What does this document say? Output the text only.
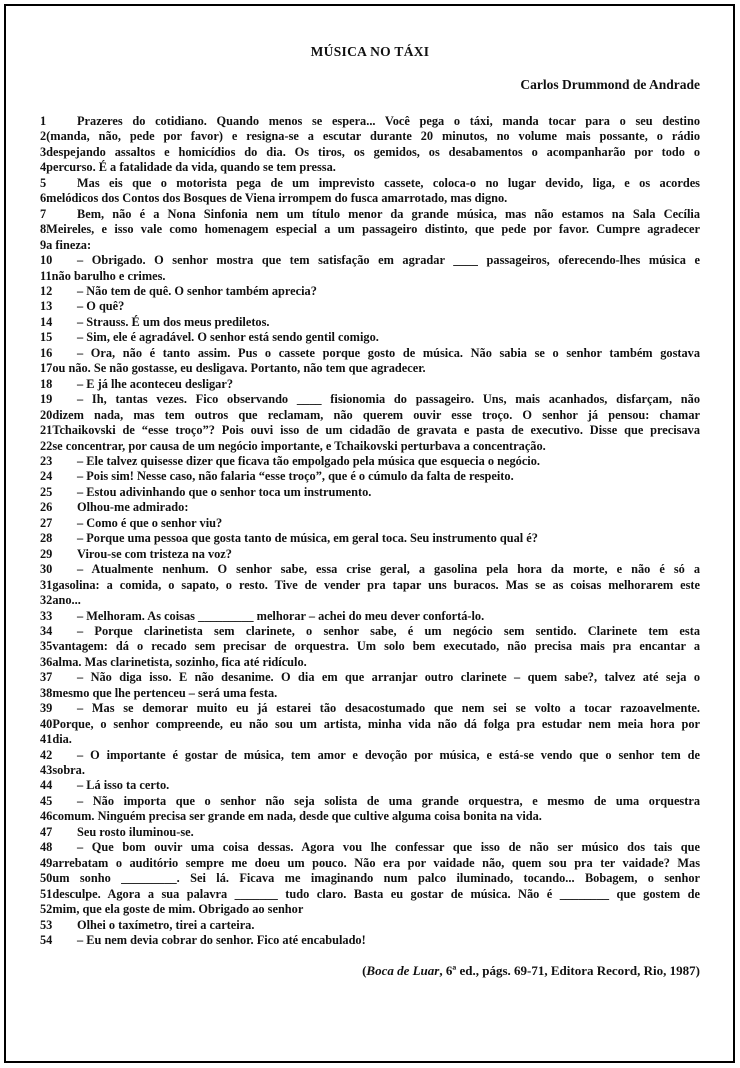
MÚSICA NO TÁXI
Carlos Drummond de Andrade
1 Prazeres do cotidiano. Quando menos se espera... Você pega o táxi, manda tocar para o seu destino
2(manda, não, pede por favor) e resigna-se a escutar durante 20 minutos, no volume mais possante, o rádio
3despejando assaltos e homicídios do dia. Os tiros, os gemidos, os desabamentos o acompanharão por todo o
4percurso. É a fatalidade da vida, quando se tem pressa.
5 Mas eis que o motorista pega de um imprevisto cassete, coloca-o no lugar devido, liga, e os acordes
6melódicos dos Contos dos Bosques de Viena irrompem do fusca amarrotado, mas digno.
7 Bem, não é a Nona Sinfonia nem um título menor da grande música, mas não estamos na Sala Cecília
8Meireles, e isso vale como homenagem especial a um passageiro distinto, que pede por favor. Cumpre agradecer
9a fineza:
10 – Obrigado. O senhor mostra que tem satisfação em agradar ____ passageiros, oferecendo-lhes música e
11não barulho e crimes.
12 – Não tem de quê. O senhor também aprecia?
13 – O quê?
14 – Strauss. É um dos meus prediletos.
15 – Sim, ele é agradável. O senhor está sendo gentil comigo.
16 – Ora, não é tanto assim. Pus o cassete porque gosto de música. Não sabia se o senhor também gostava
17ou não. Se não gostasse, eu desligava. Portanto, não tem que agradecer.
18 – E já lhe aconteceu desligar?
19 – Ih, tantas vezes. Fico observando ____ fisionomia do passageiro. Uns, mais acanhados, disfarçam, não
20dizem nada, mas tem outros que reclamam, não querem ouvir esse troço. O senhor já pensou: chamar
21Tchaikovski de “esse troço”? Pois ouvi isso de um cidadão de gravata e pasta de executivo. Disse que precisava
22se concentrar, por causa de um negócio importante, e Tchaikovski perturbava a concentração.
23 – Ele talvez quisesse dizer que ficava tão empolgado pela música que esquecia o negócio.
24 – Pois sim! Nesse caso, não falaria “esse troço”, que é o cúmulo da falta de respeito.
25 – Estou adivinhando que o senhor toca um instrumento.
26 Olhou-me admirado:
27 – Como é que o senhor viu?
28 – Porque uma pessoa que gosta tanto de música, em geral toca. Seu instrumento qual é?
29 Virou-se com tristeza na voz?
30 – Atualmente nenhum. O senhor sabe, essa crise geral, a gasolina pela hora da morte, e não é só a
31gasolina: a comida, o sapato, o resto. Tive de vender pra tapar uns buracos. Mas se as coisas melhorarem este
32ano...
33 – Melhoram. As coisas _________ melhorar – achei do meu dever confortá-lo.
34 – Porque clarinetista sem clarinete, o senhor sabe, é um negócio sem sentido. Clarinete tem esta
35vantagem: dá o recado sem precisar de orquestra. Um solo bem executado, não precisa mais pra encantar a
36alma. Mas clarinetista, sozinho, fica até ridículo.
37 – Não diga isso. E não desanime. O dia em que arranjar outro clarinete – quem sabe?, talvez até seja o
38mesmo que lhe pertenceu – será uma festa.
39 – Mas se demorar muito eu já estarei tão desacostumado que nem sei se volto a tocar razoavelmente.
40Porque, o senhor compreende, eu não sou um artista, minha vida não dá folga pra estudar nem meia hora por
41dia.
42 – O importante é gostar de música, tem amor e devoção por música, e está-se vendo que o senhor tem de
43sobra.
44 – Lá isso ta certo.
45 – Não importa que o senhor não seja solista de uma grande orquestra, e mesmo de uma orquestra
46comum. Ninguém precisa ser grande em nada, desde que cultive alguma coisa bonita na vida.
47 Seu rosto iluminou-se.
48 – Que bom ouvir uma coisa dessas. Agora vou lhe confessar que isso de não ser músico dos tais que
49arrebatam o auditório sempre me doeu um pouco. Não era por vaidade não, quem sou pra ter vaidade? Mas
50um sonho _________. Sei lá. Ficava me imaginando num palco iluminado, tocando... Bobagem, o senhor
51desculpe. Agora a sua palavra _______ tudo claro. Basta eu gostar de música. Não é ________ que gostem de
52mim, que ela goste de mim. Obrigado ao senhor
53 Olhei o taxímetro, tirei a carteira.
54 – Eu nem devia cobrar do senhor. Fico até encabulado!
(Boca de Luar, 6ª ed., págs. 69-71, Editora Record, Rio, 1987)
